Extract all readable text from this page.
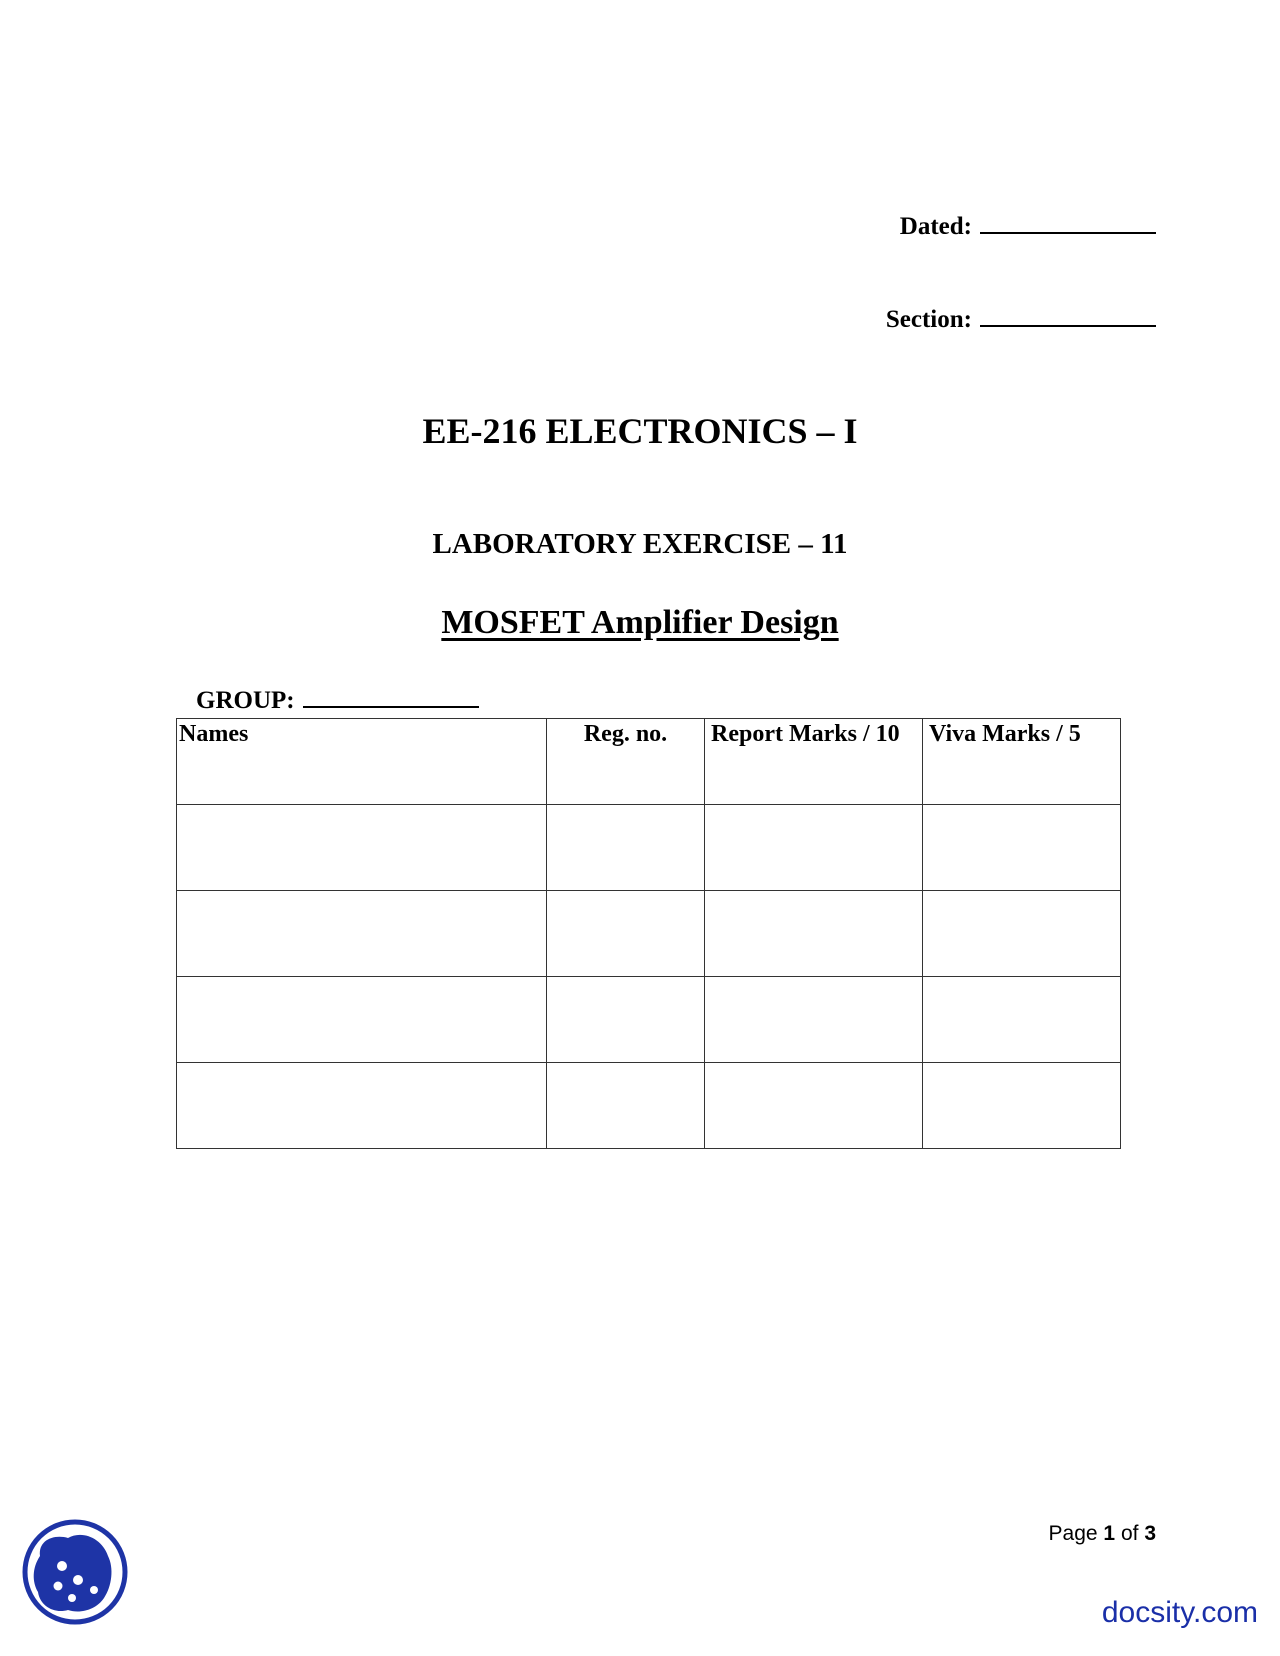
Dated:
Section:
EE-216 ELECTRONICS – I
LABORATORY EXERCISE – 11
MOSFET Amplifier Design
GROUP:
Names	Reg. no.	Report Marks / 10	Viva Marks / 5

Page 1 of 3
docsity.com
